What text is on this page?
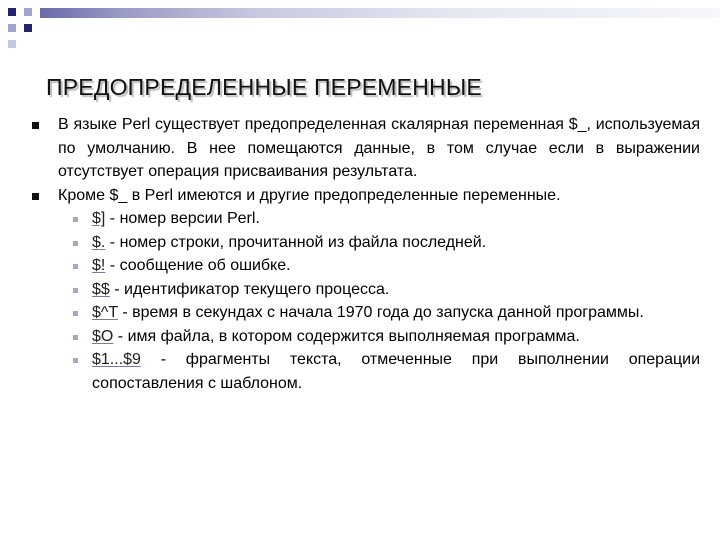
ПРЕДОПРЕДЕЛЕННЫЕ ПЕРЕМЕННЫЕ
В языке Perl существует предопределенная скалярная переменная $_, используемая по умолчанию. В нее помещаются данные, в том случае если в выражении отсутствует операция присваивания результата.
Кроме $_ в Perl имеются и другие предопределенные переменные.
$] - номер версии Perl.
$. - номер строки, прочитанной из файла последней.
$! - сообщение об ошибке.
$$ - идентификатор текущего процесса.
$^T - время в секундах с начала 1970 года до запуска данной программы.
$O - имя файла, в котором содержится выполняемая программа.
$1...$9 - фрагменты текста, отмеченные при выполнении операции сопоставления с шаблоном.
